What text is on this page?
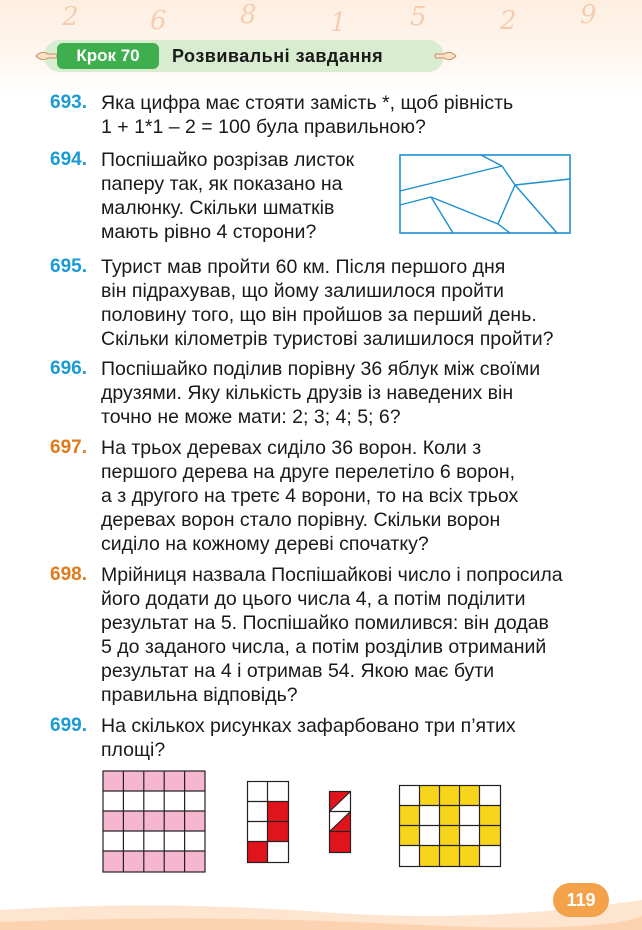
2	6	8	1 5	2 9
Крок 70	Розвивальні завдання
693. Яка цифра має стояти замість *, щоб рівність
1 + 1*1 – 2 = 100 була правильною?
694. Поспішайко розрізав листок
паперу так, як показано на
малюнку. Скільки шматків
мають рівно 4 сторони?
695. Турист мав пройти 60 км. Після першого дня
він підрахував, що йому залишилося пройти
половину того, що він пройшов за перший день.
Скільки кілометрів туристові залишилося пройти?
696. Поспішайко поділив порівну 36 яблук між своїми
друзями. Яку кількість друзів із наведених він
точно не може мати: 2; 3; 4; 5; 6?
697. На трьох деревах сиділо 36 ворон. Коли з
першого дерева на друге перелетіло 6 ворон,
а з другого на третє 4 ворони, то на всіх трьох
деревах ворон стало порівну. Скільки ворон
сиділо на кожному дереві спочатку?
698. Мрійниця назвала Поспішайкові число і попросила
його додати до цього числа 4, а потім поділити
результат на 5. Поспішайко помилився: він додав
5 до заданого числа, а потім розділив отриманий
результат на 4 і отримав 54. Якою має бути
правильна відповідь?
699. На скількох рисунках зафарбовано три п’ятих
площі?
119
